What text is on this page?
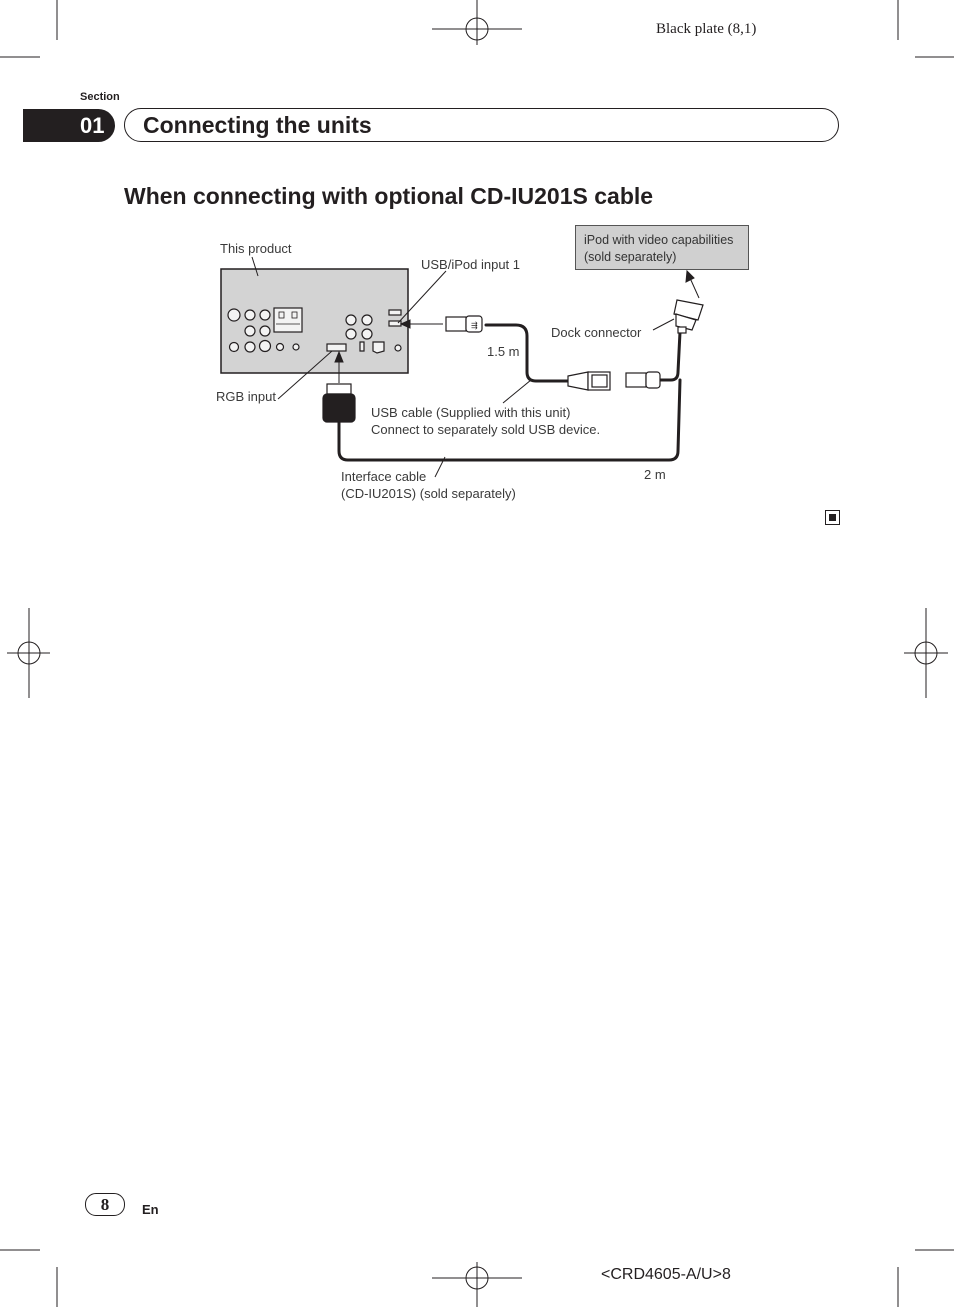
⇶
Black plate (8,1)
Section
01	Connecting the units
When connecting with optional CD-IU201S cable
This product
USB/iPod input 1
iPod with video capabilities
(sold separately)
Dock connector
1.5 m
RGB input
USB cable (Supplied with this unit)
Connect to separately sold USB device.
Interface cable
(CD-IU201S) (sold separately)
2 m
8	En
<CRD4605-A/U>8
